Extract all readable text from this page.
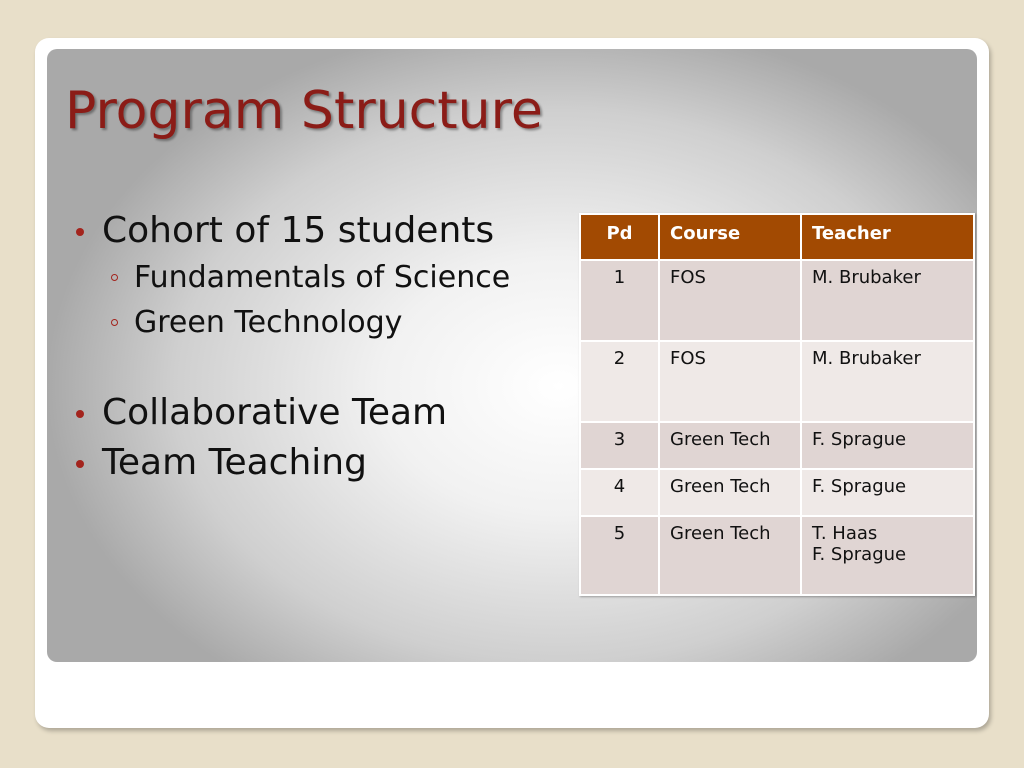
Program Structure
Cohort of 15 students
Fundamentals of Science
Green Technology
Collaborative Team
Team Teaching
Pd	Course	Teacher
1	FOS	M. Brubaker

2	FOS	M. Brubaker

3	Green Tech	F. Sprague

4	Green Tech	F. Sprague

5	Green Tech	T. Haas
F. Sprague
